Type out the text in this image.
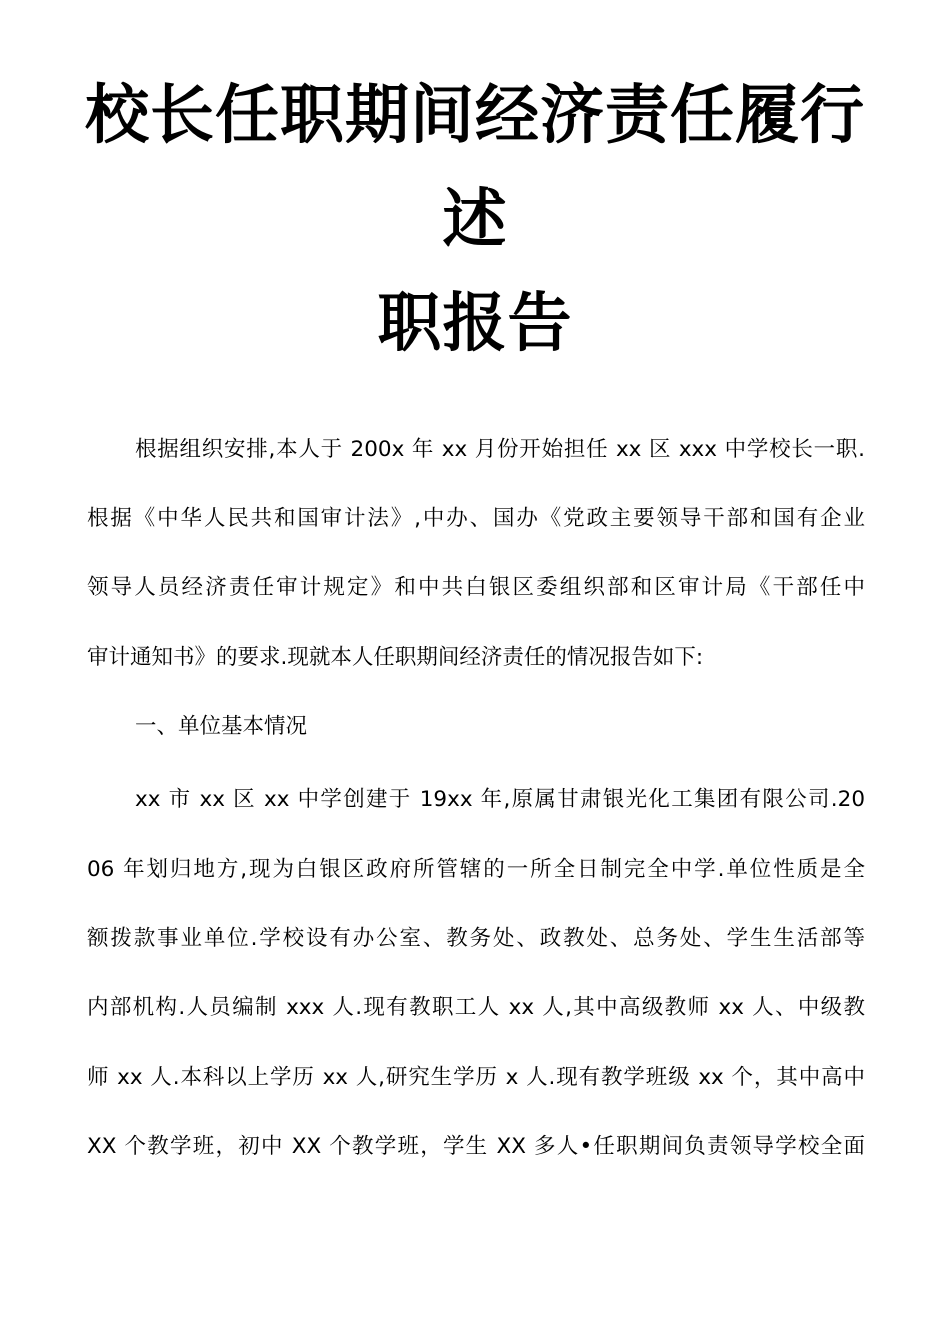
校长任职期间经济责任履行
述
职报告
根据组织安排,本人于 200x 年 xx 月份开始担任 xx 区 xxx 中学校长一职.
根据《中华人民共和国审计法》,中办、国办《党政主要领导干部和国有企业
领导人员经济责任审计规定》和中共白银区委组织部和区审计局《干部任中
审计通知书》的要求.现就本人任职期间经济责任的情况报告如下:
一、单位基本情况
xx 市 xx 区 xx 中学创建于 19xx 年,原属甘肃银光化工集团有限公司.20
06 年划归地方,现为白银区政府所管辖的一所全日制完全中学.单位性质是全
额拨款事业单位.学校设有办公室、教务处、政教处、总务处、学生生活部等
内部机构.人员编制 xxx 人.现有教职工人 xx 人,其中高级教师 xx 人、中级教
师 xx 人.本科以上学历 xx 人,研究生学历 x 人.现有教学班级 xx 个，其中高中
XX 个教学班，初中 XX 个教学班，学生 XX 多人•任职期间负责领导学校全面
